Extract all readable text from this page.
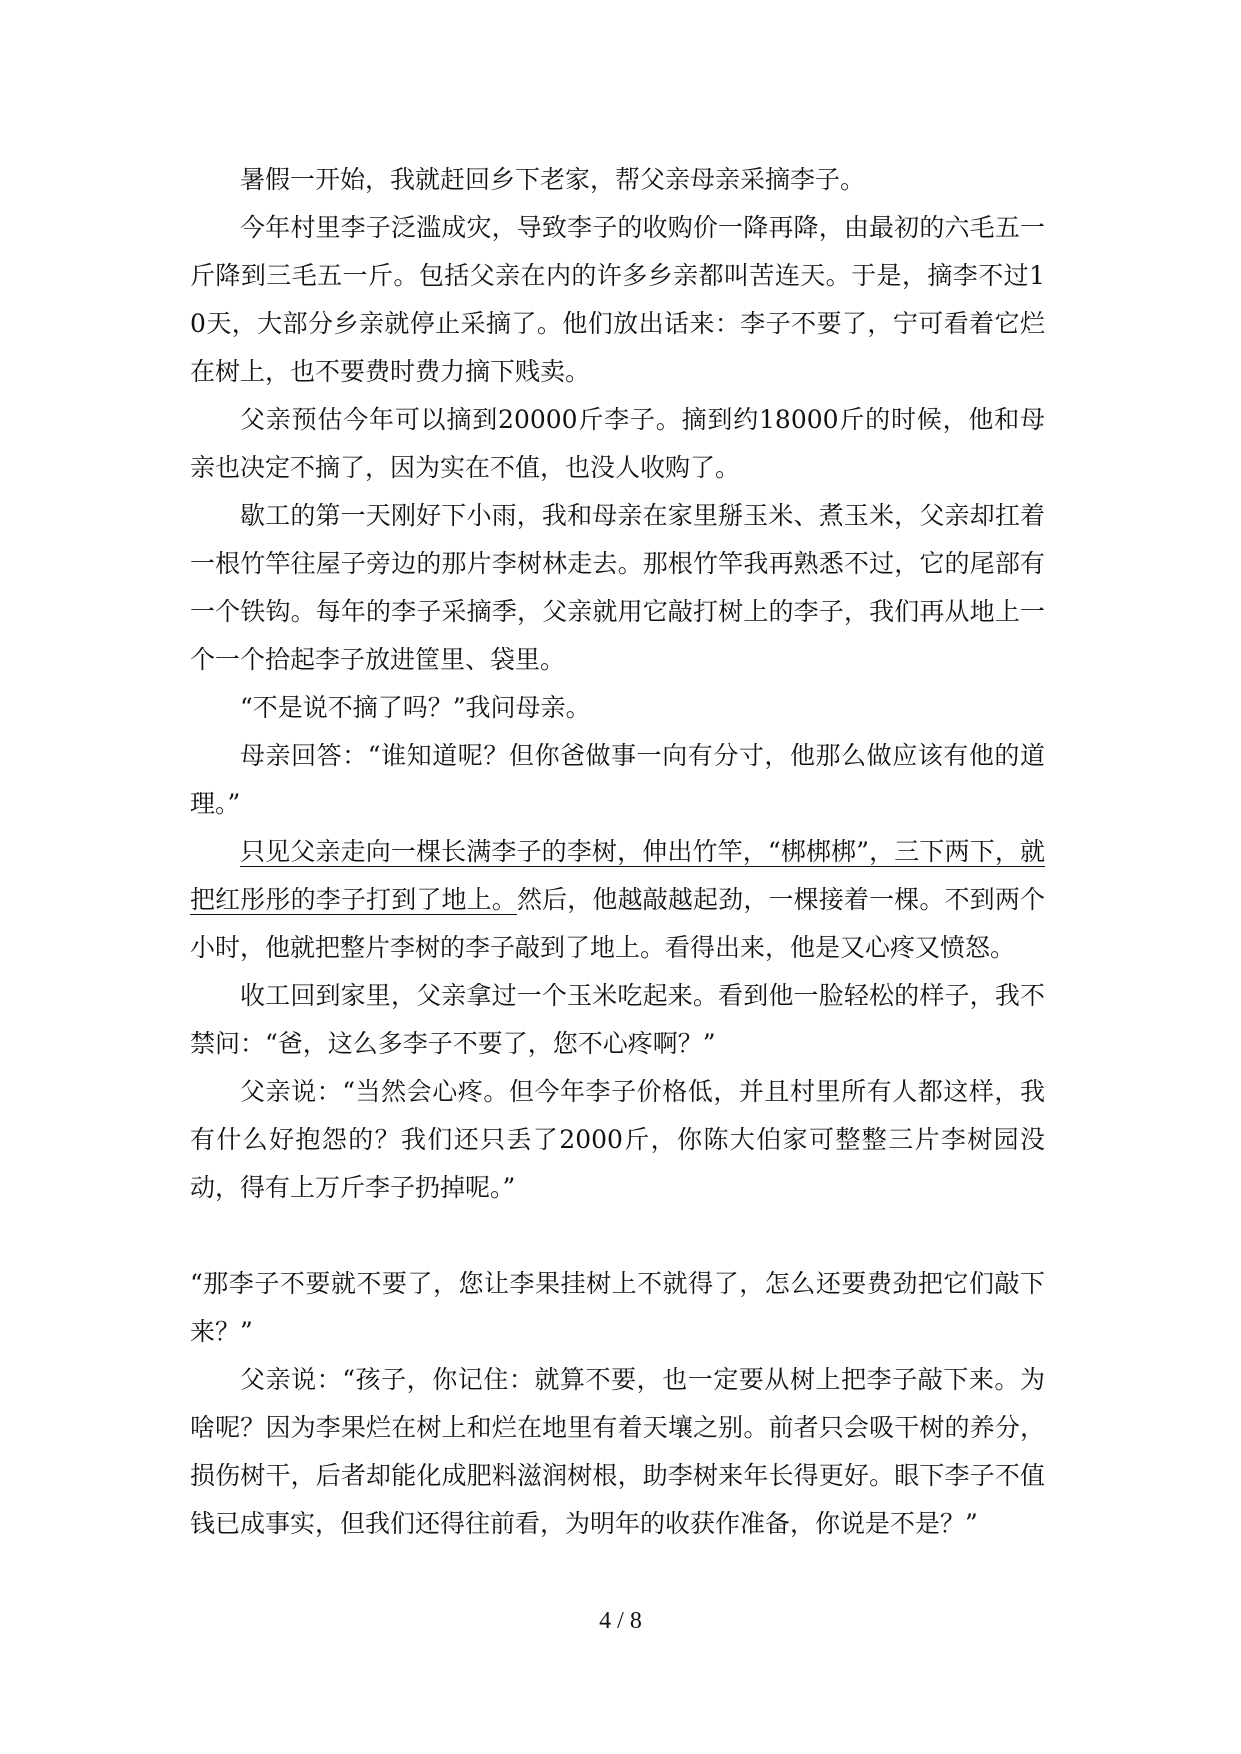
暑假一开始，我就赶回乡下老家，帮父亲母亲采摘李子。

今年村里李子泛滥成灾，导致李子的收购价一降再降，由最初的六毛五一斤降到三毛五一斤。包括父亲在内的许多乡亲都叫苦连天。于是，摘李不过10天，大部分乡亲就停止采摘了。他们放出话来：李子不要了，宁可看着它烂在树上，也不要费时费力摘下贱卖。

父亲预估今年可以摘到20000斤李子。摘到约18000斤的时候，他和母亲也决定不摘了，因为实在不值，也没人收购了。

歇工的第一天刚好下小雨，我和母亲在家里掰玉米、煮玉米，父亲却扛着一根竹竿往屋子旁边的那片李树林走去。那根竹竿我再熟悉不过，它的尾部有一个铁钩。每年的李子采摘季，父亲就用它敲打树上的李子，我们再从地上一个一个拾起李子放进筐里、袋里。

“不是说不摘了吗？”我问母亲。

母亲回答：“谁知道呢？但你爸做事一向有分寸，他那么做应该有他的道理。”

只见父亲走向一棵长满李子的李树，伸出竹竿，“梆梆梆”，三下两下，就把红彤彤的李子打到了地上。然后，他越敲越起劲，一棵接着一棵。不到两个小时，他就把整片李树的李子敲到了地上。看得出来，他是又心疼又愤怒。

收工回到家里，父亲拿过一个玉米吃起来。看到他一脸轻松的样子，我不禁问：“爸，这么多李子不要了，您不心疼啊？”

父亲说：“当然会心疼。但今年李子价格低，并且村里所有人都这样，我有什么好抱怨的？我们还只丢了2000斤，你陈大伯家可整整三片李树园没动，得有上万斤李子扔掉呢。”

“那李子不要就不要了，您让李果挂树上不就得了，怎么还要费劲把它们敲下来？”

父亲说：“孩子，你记住：就算不要，也一定要从树上把李子敲下来。为啥呢？因为李果烂在树上和烂在地里有着天壤之别。前者只会吸干树的养分，损伤树干，后者却能化成肥料滋润树根，助李树来年长得更好。眼下李子不值钱已成事实，但我们还得往前看，为明年的收获作准备，你说是不是？”

4 / 8
